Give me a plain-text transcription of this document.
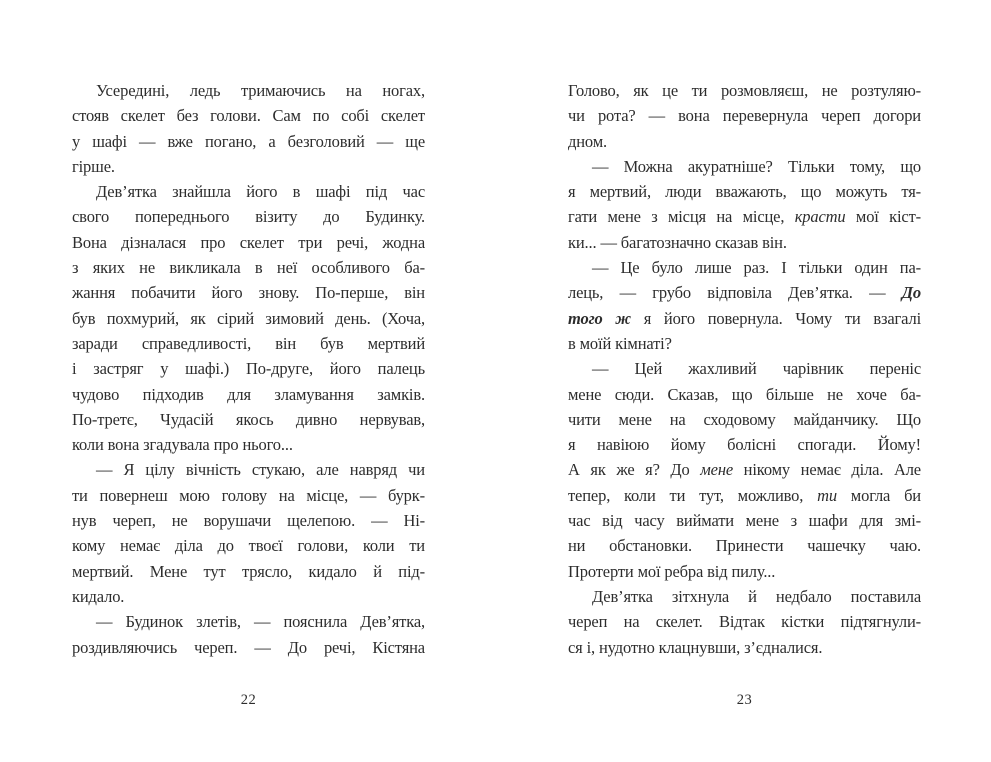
Усередині, ледь тримаючись на ногах,
стояв скелет без голови. Сам по собі скелет
у шафі — вже погано, а безголовий — ще
гірше.
Дев’ятка знайшла його в шафі під час
свого попереднього візиту до Будинку.
Вона дізналася про скелет три речі, жодна
з яких не викликала в неї особливого ба-
жання побачити його знову. По-перше, він
був похмурий, як сірий зимовий день. (Хоча,
заради справедливості, він був мертвий
і застряг у шафі.) По-друге, його палець
чудово підходив для зламування замків.
По-третє, Чудасій якось дивно нервував,
коли вона згадувала про нього...
— Я цілу вічність стукаю, але навряд чи
ти повернеш мою голову на місце, — бурк-
нув череп, не ворушачи щелепою. — Ні-
кому немає діла до твоєї голови, коли ти
мертвий. Мене тут трясло, кидало й під-
кидало.
— Будинок злетів, — пояснила Дев’ятка,
роздивляючись череп. — До речі, Кістяна
22
Голово, як це ти розмовляєш, не розтуляю-
чи рота? — вона перевернула череп догори
дном.
— Можна акуратніше? Тільки тому, що
я мертвий, люди вважають, що можуть тя-
гати мене з місця на місце, красти мої кіст-
ки... — багатозначно сказав він.
— Це було лише раз. І тільки один па-
лець, — грубо відповіла Дев’ятка. — До
того ж я його повернула. Чому ти взагалі
в моїй кімнаті?
— Цей жахливий чарівник переніс
мене сюди. Сказав, що більше не хоче ба-
чити мене на сходовому майданчику. Що
я навіюю йому болісні спогади. Йому!
А як же я? До мене нікому немає діла. Але
тепер, коли ти тут, можливо, ти могла би
час від часу виймати мене з шафи для змі-
ни обстановки. Принести чашечку чаю.
Протерти мої ребра від пилу...
Дев’ятка зітхнула й недбало поставила
череп на скелет. Відтак кістки підтягнули-
ся і, нудотно клацнувши, з’єдналися.
23
